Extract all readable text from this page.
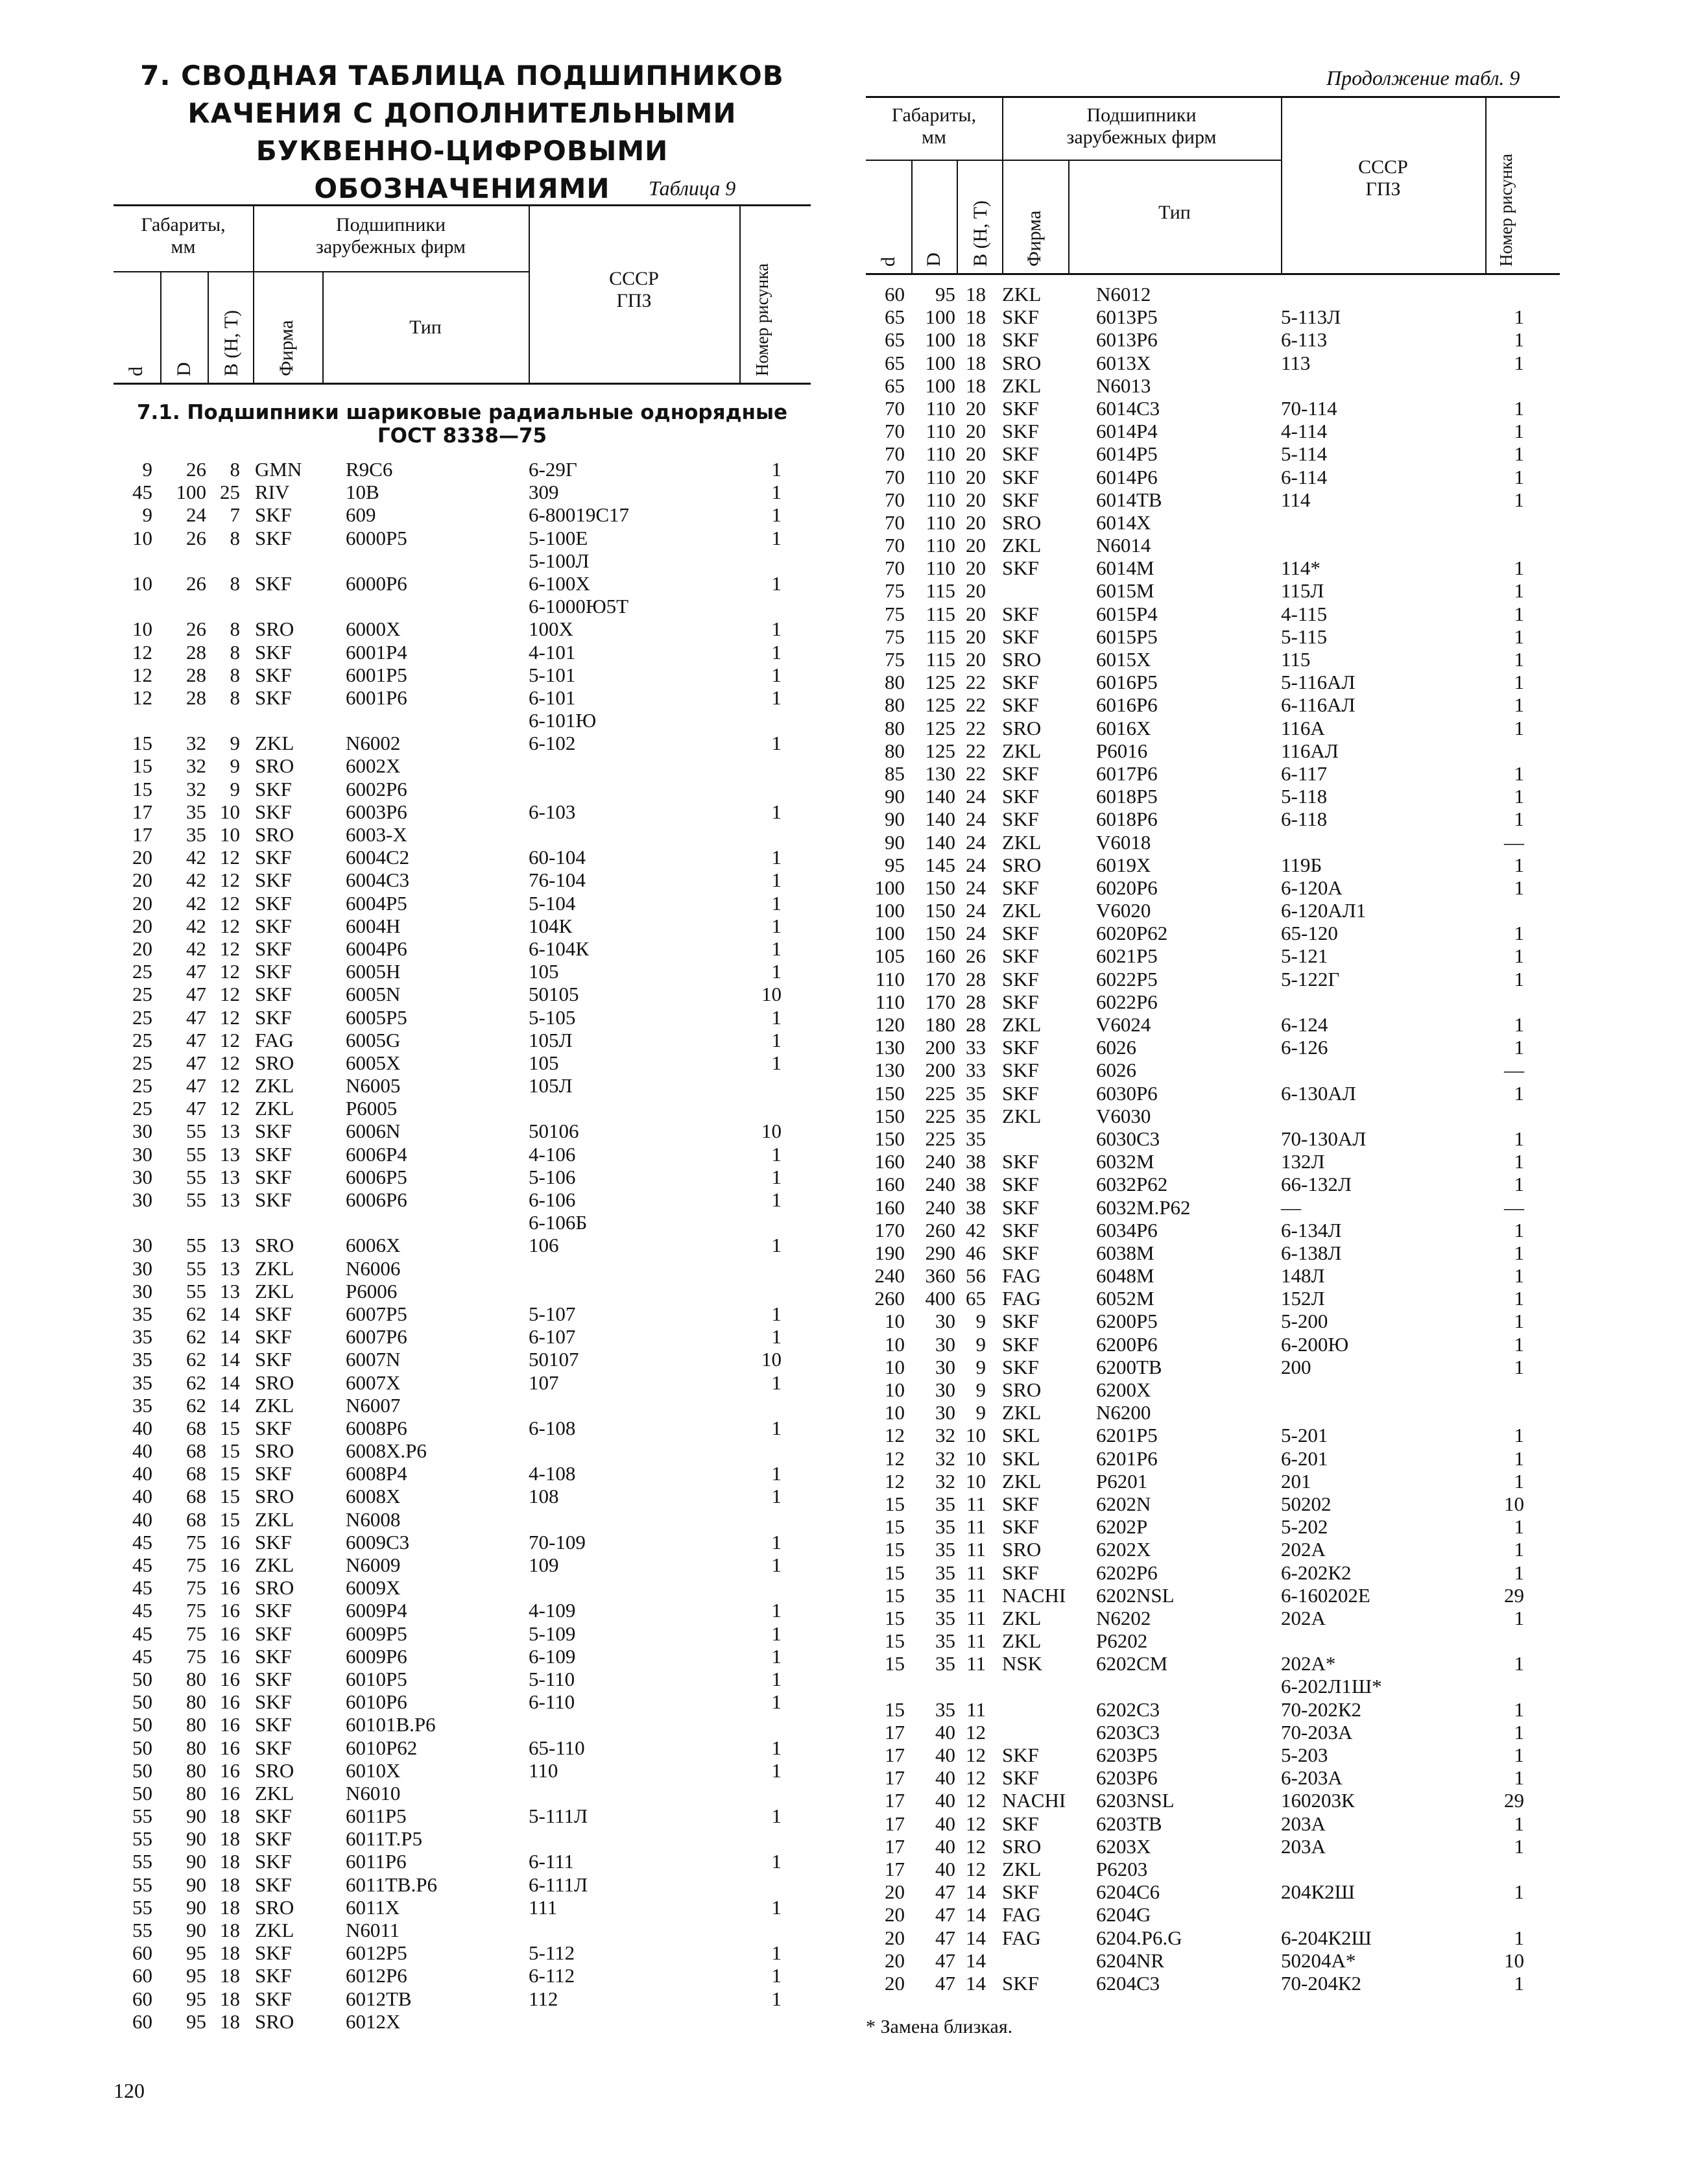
7. СВОДНАЯ ТАБЛИЦА ПОДШИПНИКОВ
КАЧЕНИЯ С ДОПОЛНИТЕЛЬНЫМИ
БУКВЕННО-ЦИФРОВЫМИ ОБОЗНАЧЕНИЯМИ	Таблица 9
Продолжение табл. 9
Габариты,
мм
Подшипники
зарубежных фирм
СССР
ГПЗ
d D B (H, T) Фирма	Тип	Номер рисунка
7.1. Подшипники шариковые радиальные однорядные
ГОСТ 8338—75
Габариты,
мм
Подшипники
зарубежных фирм
СССР
ГПЗ
d D B (H, T) Фирма	Тип	Номер рисунка
9	26	8 GMN R9C6	6-29Г	1
45	100 25 RIV	10B	309	1
9	24	7 SKF	609	6-80019С17	1
10	26	8 SKF	6000P5	5-100Е	1
5-100Л
10	26	8 SKF	6000P6	6-100Х	1
6-1000Ю5Т
10	26	8 SRO	6000X	100Х	1
12	28	8 SKF	6001P4	4-101	1
12	28	8 SKF	6001P5	5-101	1
12	28	8 SKF	6001P6	6-101	1
6-101Ю
15	32	9 ZKL	N6002	6-102	1
15	32	9 SRO	6002X
15	32	9 SKF	6002P6
17	35 10 SKF	6003P6	6-103	1
17	35 10 SRO	6003-X
20	42 12 SKF	6004C2	60-104	1
20	42 12 SKF	6004C3	76-104	1
20	42 12 SKF	6004P5	5-104	1
20	42 12 SKF	6004H	104К	1
20	42 12 SKF	6004P6	6-104К	1
25	47 12 SKF	6005H	105	1
25	47 12 SKF	6005N	50105	10
25	47 12 SKF	6005P5	5-105	1
25	47 12 FAG	6005G	105Л	1
25	47 12 SRO	6005X	105	1
25	47 12 ZKL	N6005	105Л
25	47 12 ZKL	P6005
30	55 13 SKF	6006N	50106	10
30	55 13 SKF	6006P4	4-106	1
30	55 13 SKF	6006P5	5-106	1
30	55 13 SKF	6006P6	6-106	1
6-106Б
30	55 13 SRO	6006X	106	1
30	55 13 ZKL	N6006
30	55 13 ZKL	P6006
35	62 14 SKF	6007P5	5-107	1
35	62 14 SKF	6007P6	6-107	1
35	62 14 SKF	6007N	50107	10
35	62 14 SRO	6007X	107	1
35	62 14 ZKL	N6007
40	68 15 SKF	6008P6	6-108	1
40	68 15 SRO	6008X.P6
40	68 15 SKF	6008P4	4-108	1
40	68 15 SRO	6008X	108	1
40	68 15 ZKL	N6008
45	75 16 SKF	6009C3	70-109	1
45	75 16 ZKL	N6009	109	1
45	75 16 SRO	6009X
45	75 16 SKF	6009P4	4-109	1
45	75 16 SKF	6009P5	5-109	1
45	75 16 SKF	6009P6	6-109	1
50	80 16 SKF	6010P5	5-110	1
50	80 16 SKF	6010P6	6-110	1
50	80 16 SKF	60101B.P6
50	80 16 SKF	6010P62	65-110	1
50	80 16 SRO	6010X	110	1
50	80 16 ZKL	N6010
55	90 18 SKF	6011P5	5-111Л	1
55	90 18 SKF	6011T.P5
55	90 18 SKF	6011P6	6-111	1
55	90 18 SKF	6011TB.P6	6-111Л
55	90 18 SRO	6011X	111	1
55	90 18 ZKL	N6011
60	95 18 SKF	6012P5	5-112	1
60	95 18 SKF	6012P6	6-112	1
60	95 18 SKF	6012TB	112	1
60	95 18 SRO	6012X
60	95 18 ZKL	N6012
65	100 18 SKF	6013P5	5-113Л	1
65	100 18 SKF	6013P6	6-113	1
65	100 18 SRO	6013X	113	1
65	100 18 ZKL	N6013
70	110 20 SKF	6014C3	70-114	1
70	110 20 SKF	6014P4	4-114	1
70	110 20 SKF	6014P5	5-114	1
70	110 20 SKF	6014P6	6-114	1
70	110 20 SKF	6014TB	114	1
70	110 20 SRO	6014X
70	110 20 ZKL	N6014
70	110 20 SKF	6014M	114*	1
75	115 20	6015M	115Л	1
75	115 20 SKF	6015P4	4-115	1
75	115 20 SKF	6015P5	5-115	1
75	115 20 SRO	6015X	115	1
80	125 22 SKF	6016P5	5-116АЛ	1
80	125 22 SKF	6016P6	6-116АЛ	1
80	125 22 SRO	6016X	116А	1
80	125 22 ZKL	P6016	116АЛ
85	130 22 SKF	6017P6	6-117	1
90	140 24 SKF	6018P5	5-118	1
90	140 24 SKF	6018P6	6-118	1
90	140 24 ZKL	V6018	—
95	145 24 SRO	6019X	119Б	1
100	150 24 SKF	6020P6	6-120А	1
100	150 24 ZKL	V6020	6-120АЛ1
100	150 24 SKF	6020P62	65-120	1
105	160 26 SKF	6021P5	5-121	1
110	170 28 SKF	6022P5	5-122Г	1
110	170 28 SKF	6022P6
120	180 28 ZKL	V6024	6-124	1
130	200 33 SKF	6026	6-126	1
130	200 33 SKF	6026	—
150	225 35 SKF	6030P6	6-130АЛ	1
150	225 35 ZKL	V6030
150	225 35	6030C3	70-130АЛ	1
160	240 38 SKF	6032M	132Л	1
160	240 38 SKF	6032P62	66-132Л	1
160	240 38 SKF	6032M.P62	—	—
170	260 42 SKF	6034P6	6-134Л	1
190	290 46 SKF	6038M	6-138Л	1
240	360 56 FAG	6048M	148Л	1
260	400 65 FAG	6052M	152Л	1
10	30	9 SKF	6200P5	5-200	1
10	30	9 SKF	6200P6	6-200Ю	1
10	30	9 SKF	6200TB	200	1
10	30	9 SRO	6200X
10	30	9 ZKL	N6200
12	32 10 SKL	6201P5	5-201	1
12	32 10 SKL	6201P6	6-201	1
12	32 10 ZKL	P6201	201	1
15	35 11 SKF	6202N	50202	10
15	35 11 SKF	6202P	5-202	1
15	35 11 SRO	6202X	202А	1
15	35 11 SKF	6202P6	6-202К2	1
15	35 11 NACHI 6202NSL	6-160202Е	29
15	35 11 ZKL	N6202	202А	1
15	35 11 ZKL	P6202
15	35 11 NSK	6202CM	202А*	1
6-202Л1Ш*
15	35 11	6202C3	70-202К2	1
17	40 12	6203C3	70-203А	1
17	40 12 SKF	6203P5	5-203	1
17	40 12 SKF	6203P6	6-203А	1
17	40 12 NACHI 6203NSL	160203К	29
17	40 12 SKF	6203TB	203А	1
17	40 12 SRO	6203X	203А	1
17	40 12 ZKL	P6203
20	47 14 SKF	6204C6	204К2Ш	1
20	47 14 FAG	6204G
20	47 14 FAG	6204.P6.G	6-204К2Ш	1
20	47 14	6204NR	50204А*	10
20	47 14 SKF	6204C3	70-204К2	1
* Замена близкая.
120
